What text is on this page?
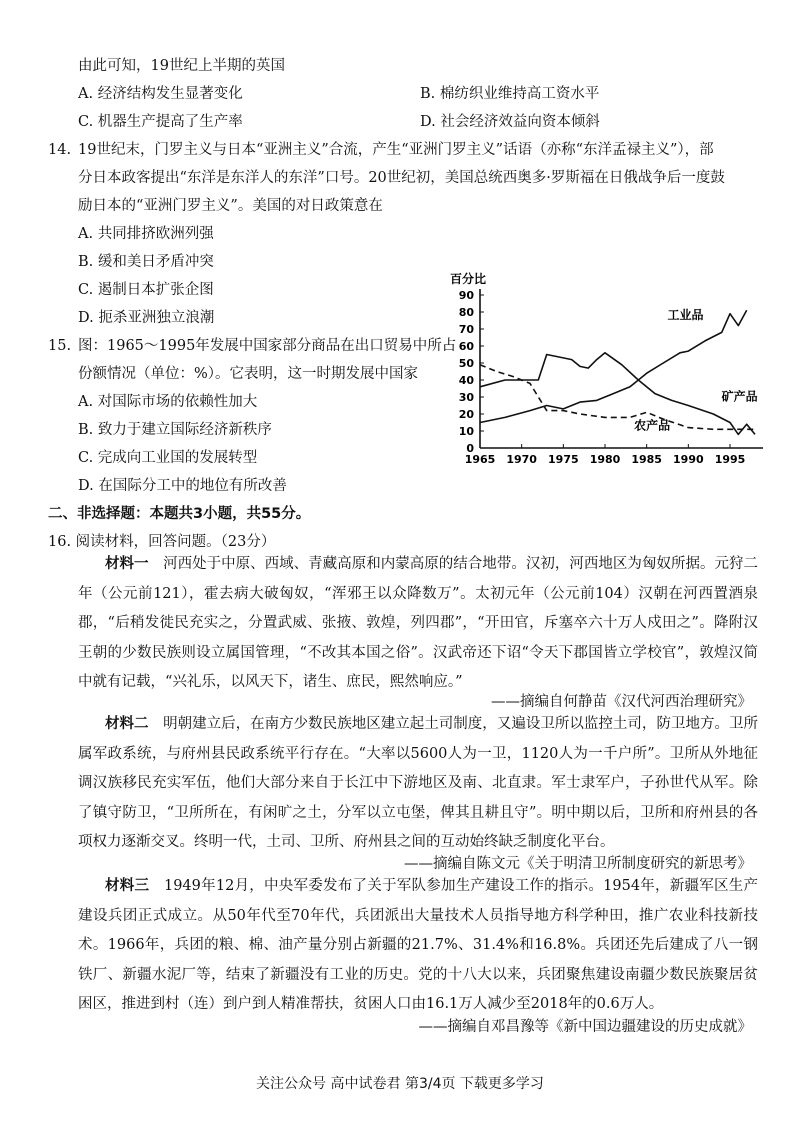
由此可知，19世纪上半期的英国
A. 经济结构发生显著变化	B. 棉纺织业维持高工资水平
C. 机器生产提高了生产率	D. 社会经济效益向资本倾斜
14. 19世纪末，门罗主义与日本“亚洲主义”合流，产生“亚洲门罗主义”话语（亦称“东洋孟禄主义”），部
分日本政客提出“东洋是东洋人的东洋”口号。20世纪初，美国总统西奥多·罗斯福在日俄战争后一度鼓
励日本的“亚洲门罗主义”。美国的对日政策意在
A. 共同排挤欧洲列强
B. 缓和美日矛盾冲突
C. 遏制日本扩张企图
D. 扼杀亚洲独立浪潮
15. 图：1965～1995年发展中国家部分商品在出口贸易中所占
份额情况（单位：%）。它表明，这一时期发展中国家
A. 对国际市场的依赖性加大
B. 致力于建立国际经济新秩序
C. 完成向工业国的发展转型
D. 在国际分工中的地位有所改善
百分比
0
10
20
30
40
50
60
70
80
90
1965 1970 1975 1980 1985 1990 1995
工业品
矿产品
农产品
二、非选择题：本题共3小题，共55分。
16. 阅读材料，回答问题。（23分）
材料一　 河西处于中原、西域、青藏高原和内蒙高原的结合地带。汉初，河西地区为匈奴所据。元狩二年（公元前121），霍去病大破匈奴，“浑邪王以众降数万”。太初元年（公元前104）汉朝在河西置酒泉郡，“后稍发徙民充实之，分置武威、张掖、敦煌，列四郡”，“开田官，斥塞卒六十万人戍田之”。降附汉王朝的少数民族则设立属国管理，“不改其本国之俗”。汉武帝还下诏“令天下郡国皆立学校官”，敦煌汉简中就有记载，“兴礼乐，以风天下，诸生、庶民，熙然响应。”
——摘编自何静苗《汉代河西治理研究》
材料二　 明朝建立后，在南方少数民族地区建立起土司制度，又遍设卫所以监控土司，防卫地方。卫所属军政系统，与府州县民政系统平行存在。“大率以5600人为一卫，1120人为一千户所”。卫所从外地征调汉族移民充实军伍，他们大部分来自于长江中下游地区及南、北直隶。军士隶军户，子孙世代从军。除了镇守防卫，“卫所所在，有闲旷之土，分军以立屯堡，俾其且耕且守”。明中期以后，卫所和府州县的各项权力逐渐交叉。终明一代，土司、卫所、府州县之间的互动始终缺乏制度化平台。
——摘编自陈文元《关于明清卫所制度研究的新思考》
材料三　 1949年12月，中央军委发布了关于军队参加生产建设工作的指示。1954年，新疆军区生产建设兵团正式成立。从50年代至70年代，兵团派出大量技术人员指导地方科学种田，推广农业科技新技术。1966年，兵团的粮、棉、油产量分别占新疆的21.7%、31.4%和16.8%。兵团还先后建成了八一钢铁厂、新疆水泥厂等，结束了新疆没有工业的历史。党的十八大以来，兵团聚焦建设南疆少数民族聚居贫困区，推进到村（连）到户到人精准帮扶，贫困人口由16.1万人减少至2018年的0.6万人。
——摘编自邓昌豫等《新中国边疆建设的历史成就》
关注公众号 高中试卷君 第3/4页 下载更多学习
